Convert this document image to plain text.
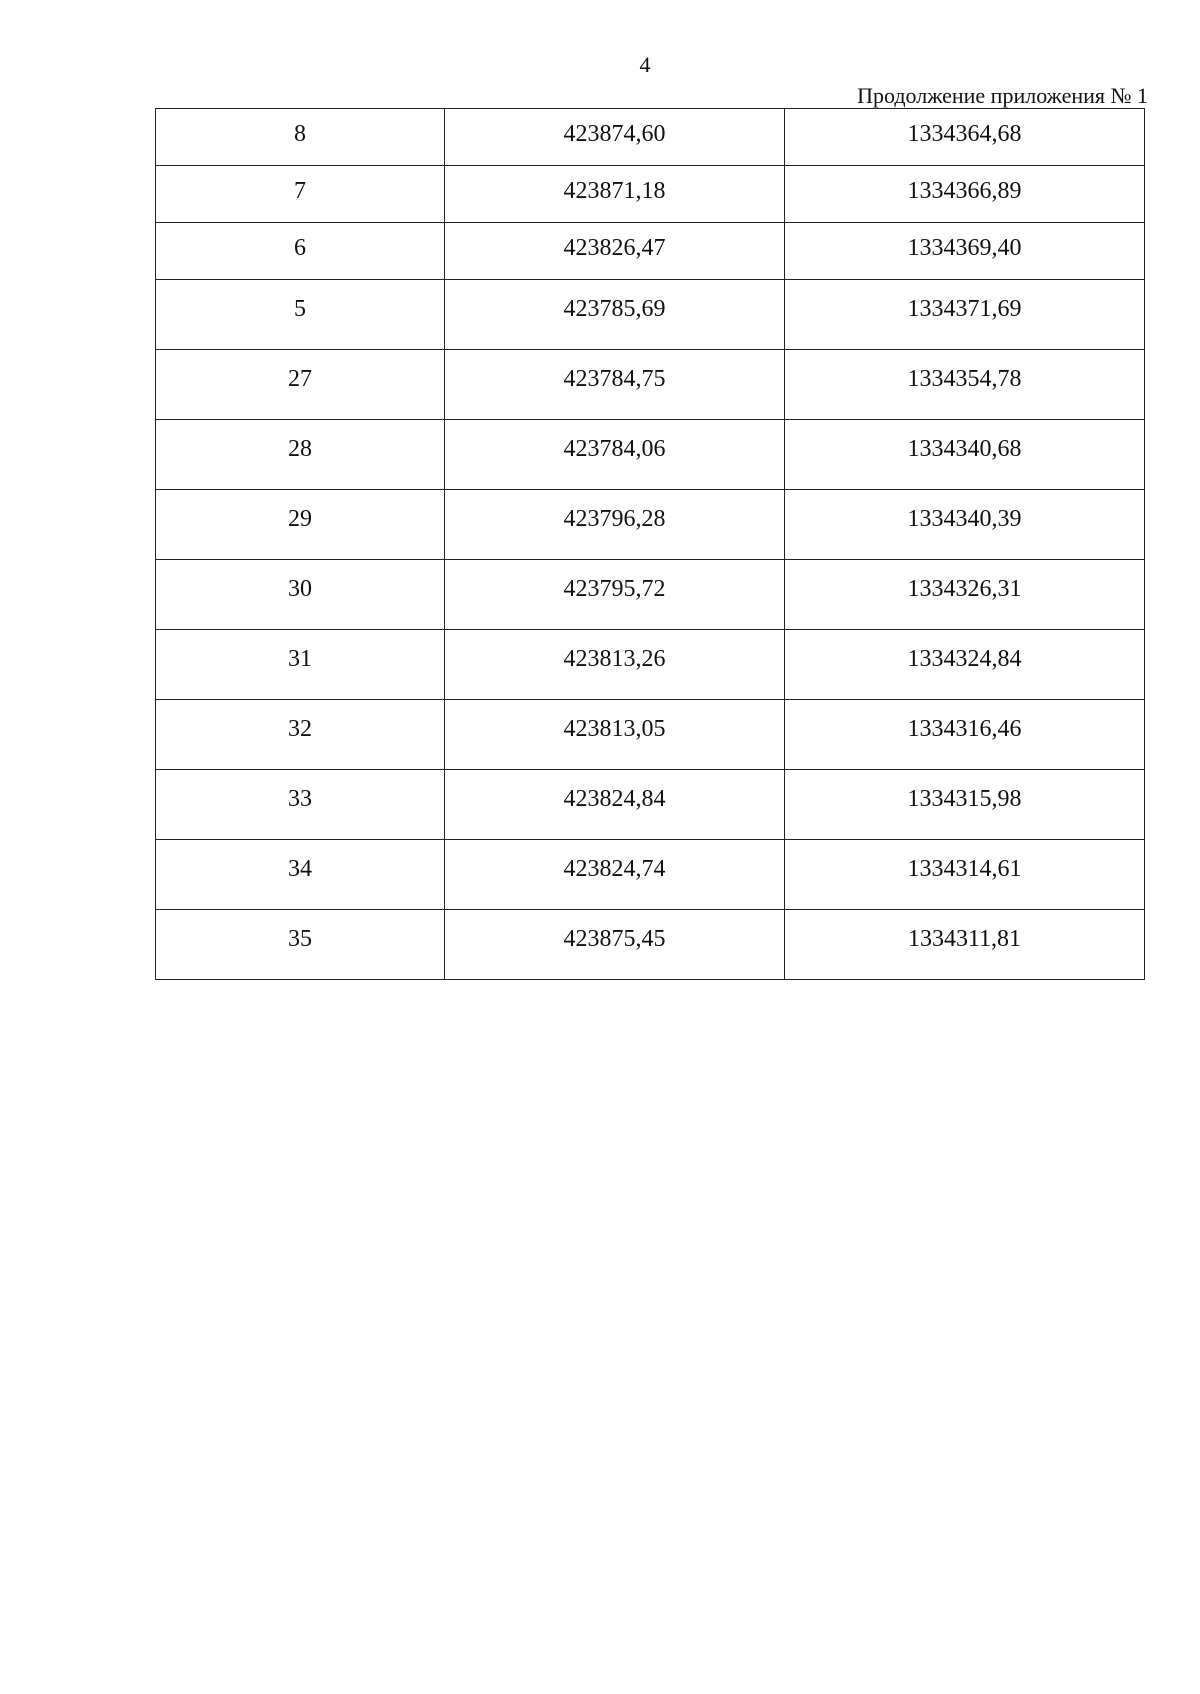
4
Продолжение приложения № 1
8	423874,60	1334364,68
7	423871,18	1334366,89
6	423826,47	1334369,40
5	423785,69	1334371,69
27	423784,75	1334354,78
28	423784,06	1334340,68
29	423796,28	1334340,39
30	423795,72	1334326,31
31	423813,26	1334324,84
32	423813,05	1334316,46
33	423824,84	1334315,98
34	423824,74	1334314,61
35	423875,45	1334311,81
